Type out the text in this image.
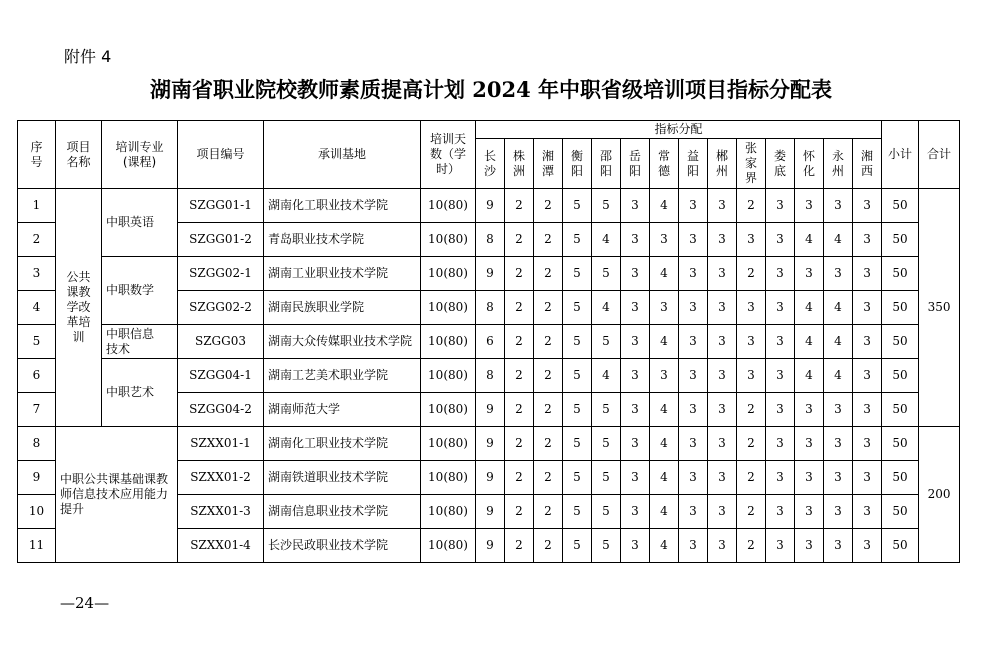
附件 4
湖南省职业院校教师素质提高计划 2024 年中职省级培训项目指标分配表
序号	项目名称	培训专业(课程)	项目编号	承训基地	培训天数（学时）	指标分配														小计	合计
						长沙	株洲	湘潭	衡阳	邵阳	岳阳	常德	益阳	郴州	张家界	娄底	怀化	永州	湘西		
1	公共课教学改革培训	中职英语	SZGG01-1	湖南化工职业技术学院	10(80)	9	2	2	5	5	3	4	3	3	2	3	3	3	3	50	350
2			SZGG01-2	青岛职业技术学院	10(80)	8	2	2	5	4	3	3	3	3	3	3	4	4	3	50	
3		中职数学	SZGG02-1	湖南工业职业技术学院	10(80)	9	2	2	5	5	3	4	3	3	2	3	3	3	3	50	
4			SZGG02-2	湖南民族职业学院	10(80)	8	2	2	5	4	3	3	3	3	3	3	4	4	3	50	
5		中职信息技术	SZGG03	湖南大众传媒职业技术学院	10(80)	6	2	2	5	5	3	4	3	3	3	3	4	4	3	50	
6		中职艺术	SZGG04-1	湖南工艺美术职业学院	10(80)	8	2	2	5	4	3	3	3	3	3	3	4	4	3	50	
7			SZGG04-2	湖南师范大学	10(80)	9	2	2	5	5	3	4	3	3	2	3	3	3	3	50	
8	中职公共课基础课教师信息技术应用能力提升		SZXX01-1	湖南化工职业技术学院	10(80)	9	2	2	5	5	3	4	3	3	2	3	3	3	3	50	200
9			SZXX01-2	湖南铁道职业技术学院	10(80)	9	2	2	5	5	3	4	3	3	2	3	3	3	3	50	
10			SZXX01-3	湖南信息职业技术学院	10(80)	9	2	2	5	5	3	4	3	3	2	3	3	3	3	50	
11			SZXX01-4	长沙民政职业技术学院	10(80)	9	2	2	5	5	3	4	3	3	2	3	3	3	3	50	
—24—
